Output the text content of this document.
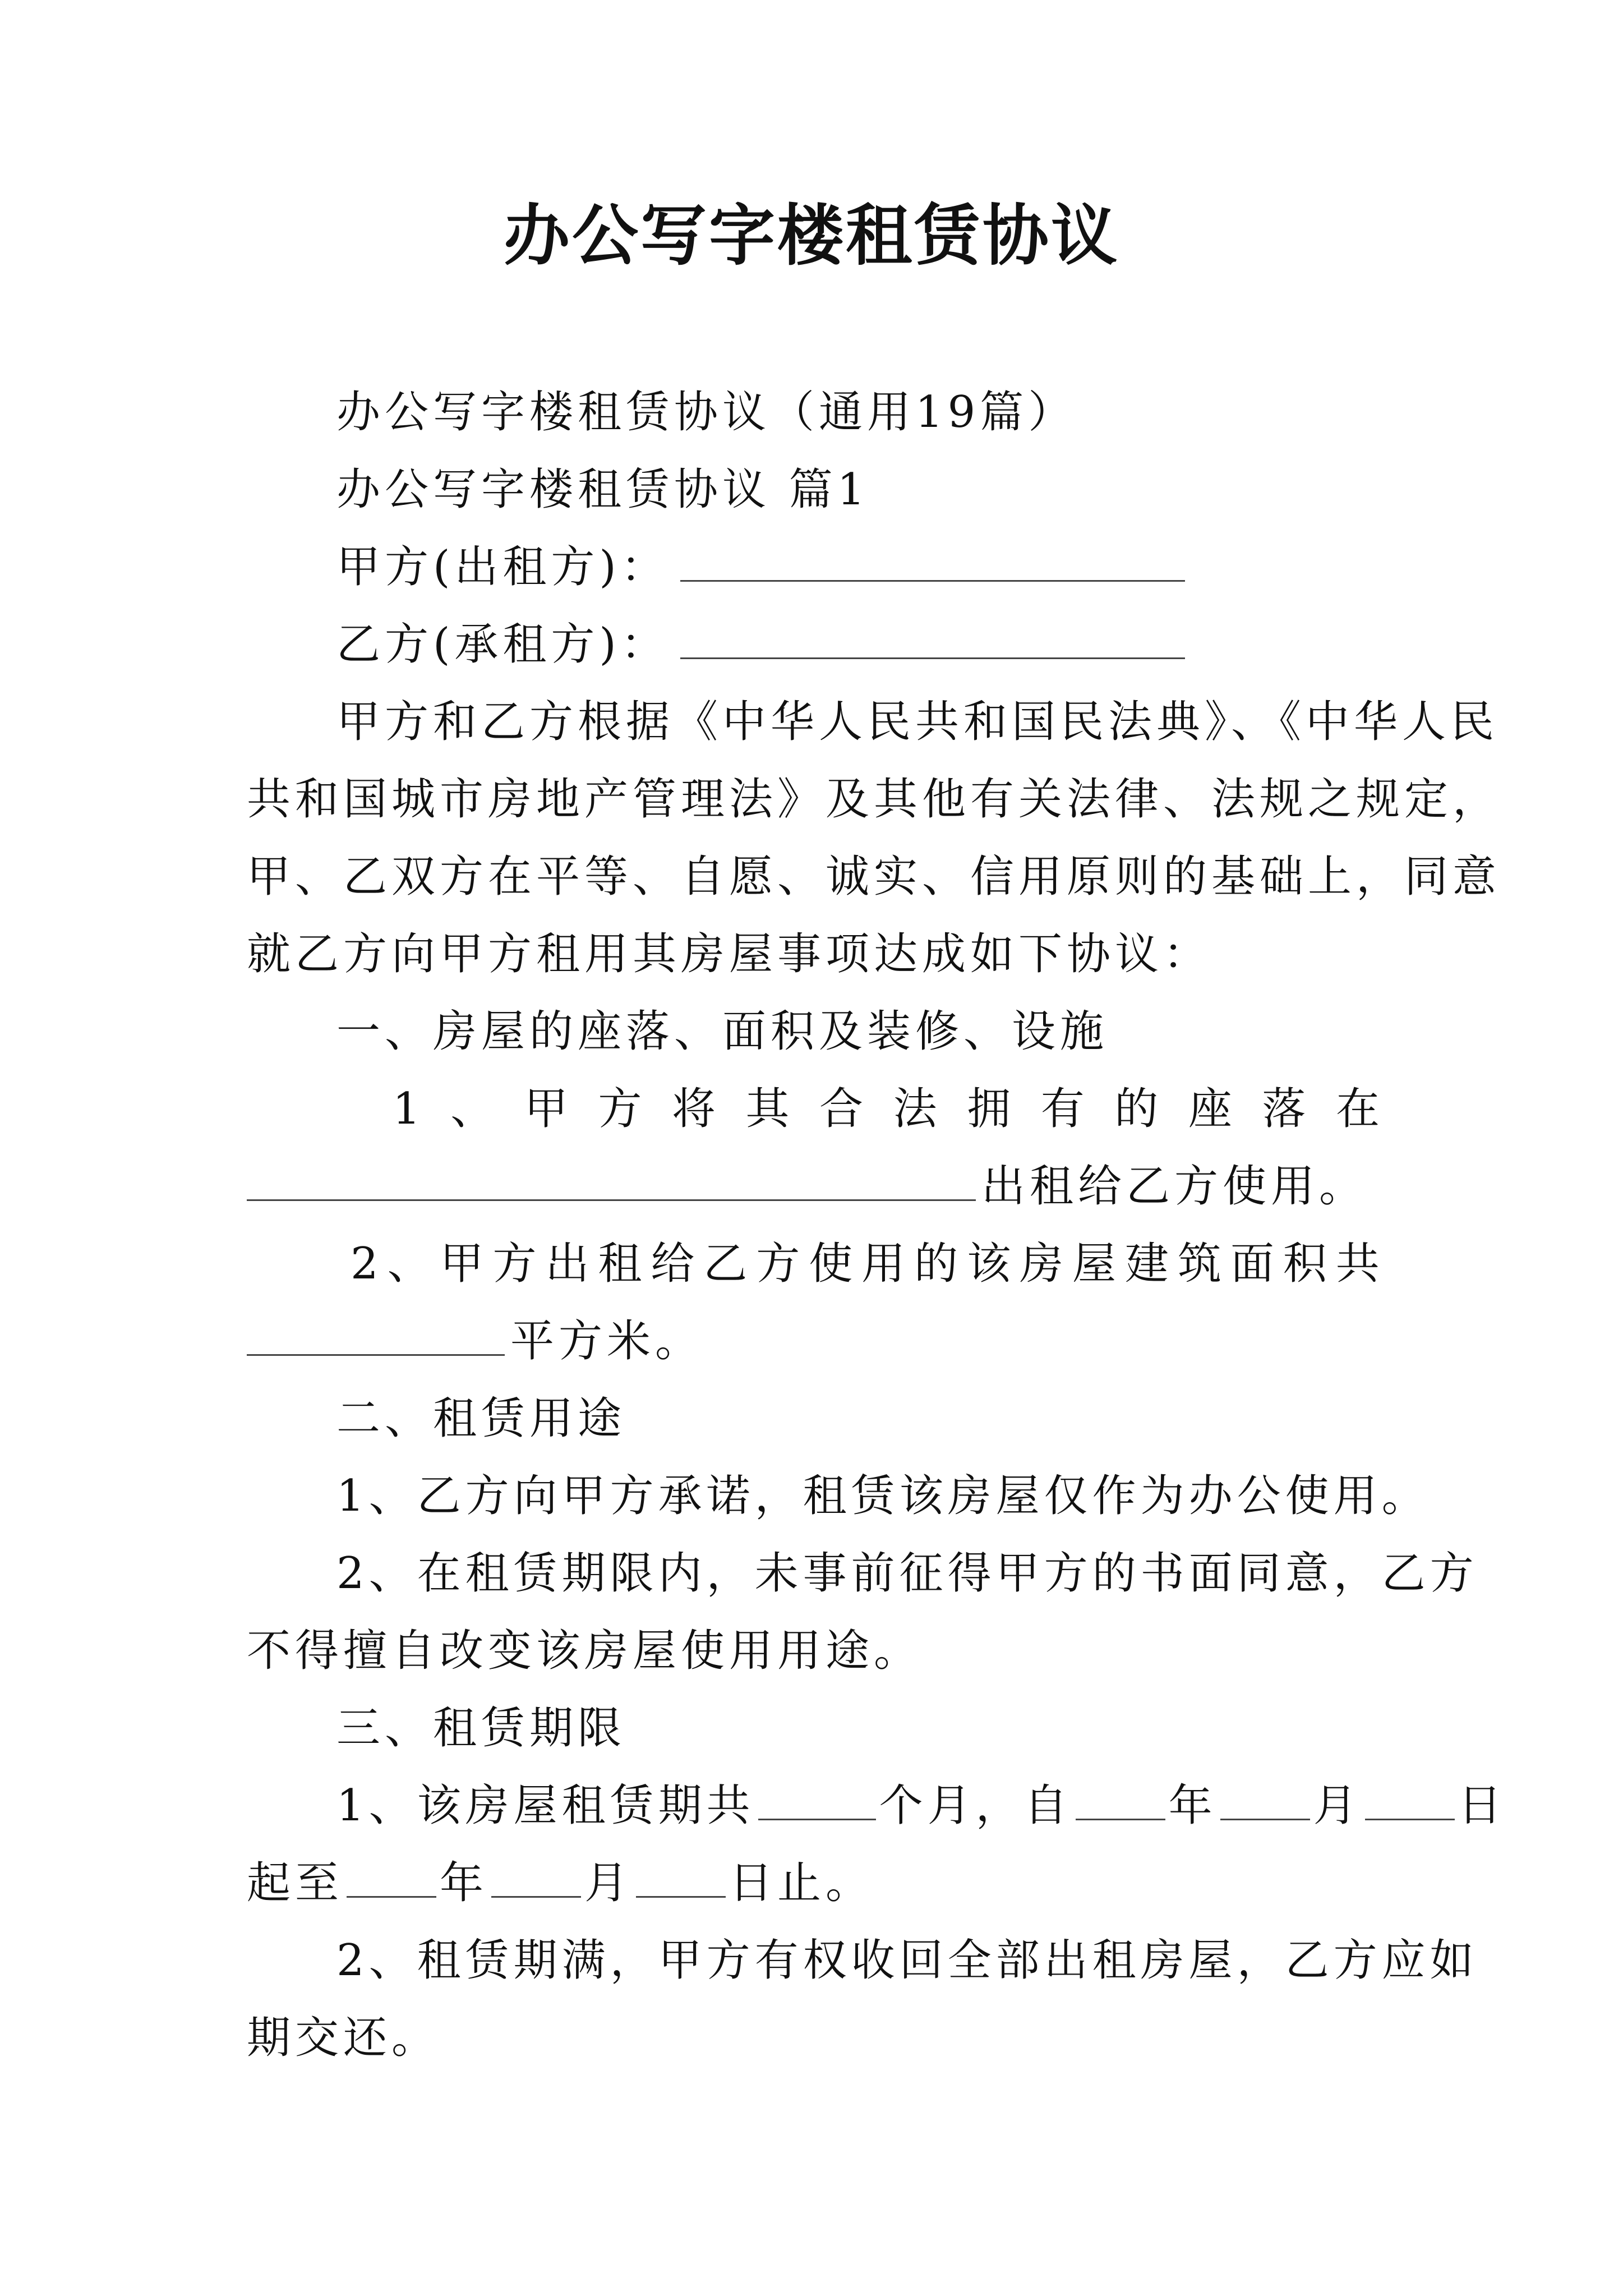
办公写字楼租赁协议
办公写字楼租赁协议（通用19篇）
办公写字楼租赁协议 篇1
甲方(出租方)：
乙方(承租方)：
甲方和乙方根据《中华人民共和国民法典》、《中华人民
共和国城市房地产管理法》及其他有关法律、法规之规定，
甲、乙双方在平等、自愿、诚实、信用原则的基础上，同意
就乙方向甲方租用其房屋事项达成如下协议：
一、房屋的座落、面积及装修、设施
1 、 甲 方 将 其 合 法 拥 有 的 座 落 在
出租给乙方使用。
2 、 甲 方 出 租 给 乙 方 使 用 的 该 房 屋 建 筑 面 积 共
平方米。
二、租赁用途
1、乙方向甲方承诺，租赁该房屋仅作为办公使用。
2、在租赁期限内，未事前征得甲方的书面同意，乙方
不得擅自改变该房屋使用用途。
三、租赁期限
1、该房屋租赁期共	个月，自 年 月 日
起至 年 月 日止。
2、租赁期满，甲方有权收回全部出租房屋，乙方应如
期交还。
